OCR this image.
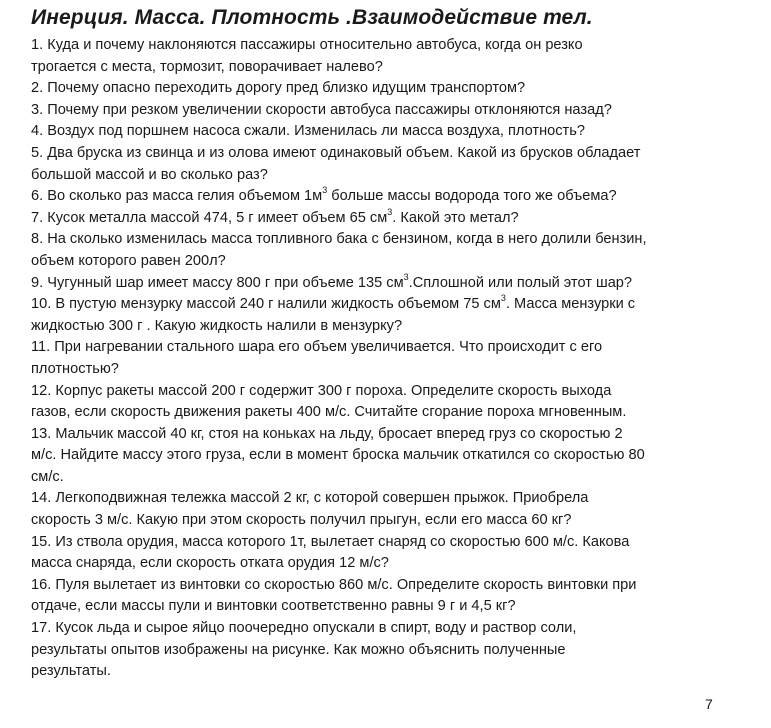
Инерция. Масса. Плотность .Взаимодействие тел.
1. Куда и почему наклоняются пассажиры относительно автобуса, когда он резко
трогается с места, тормозит, поворачивает налево?
2. Почему опасно переходить дорогу пред близко идущим транспортом?
3. Почему при резком увеличении скорости автобуса пассажиры отклоняются назад?
4. Воздух под поршнем насоса сжали. Изменилась ли масса воздуха, плотность?
5. Два бруска из свинца и из олова имеют одинаковый объем. Какой из брусков обладает
большой массой и во сколько раз?
6. Во сколько раз масса гелия объемом $1м^3$ больше массы водорода того же объема?
7. Кусок металла массой 474, 5 г имеет объем 65 $см^3$. Какой это метал?
8. На сколько изменилась масса топливного бака с бензином, когда в него долили бензин,
объем которого равен 200л?
9. Чугунный шар имеет массу 800 г при объеме 135 $см^3.Сплошной$ или полый этот шар?
10. В пустую мензурку массой 240 г налили жидкость объемом 75 $см^3$. Масса мензурки с
жидкостью 300 г . Какую жидкость налили в мензурку?
11. При нагревании стального шара его объем увеличивается. Что происходит с его
плотностью?
12. Корпус ракеты массой 200 г содержит 300 г пороха. Определите скорость выхода
газов, если скорость движения ракеты 400 м/с. Считайте сгорание пороха мгновенным.
13. Мальчик массой 40 кг, стоя на коньках на льду, бросает вперед груз со скоростью 2
м/с. Найдите массу этого груза, если в момент броска мальчик откатился со скоростью 80
см/с.
14. Легкоподвижная тележка массой 2 кг, с которой совершен прыжок. Приобрела
скорость 3 м/с. Какую при этом скорость получил прыгун, если его масса 60 кг?
15. Из ствола орудия, масса которого 1т, вылетает снаряд со скоростью 600 м/с. Какова
масса снаряда, если скорость отката орудия 12 м/с?
16. Пуля вылетает из винтовки со скоростью 860 м/с. Определите скорость винтовки при
отдаче, если массы пули и винтовки соответственно равны 9 г и 4,5 кг?
17. Кусок льда и сырое яйцо поочередно опускали в спирт, воду и раствор соли,
результаты опытов изображены на рисунке. Как можно объяснить полученные
результаты.
7
